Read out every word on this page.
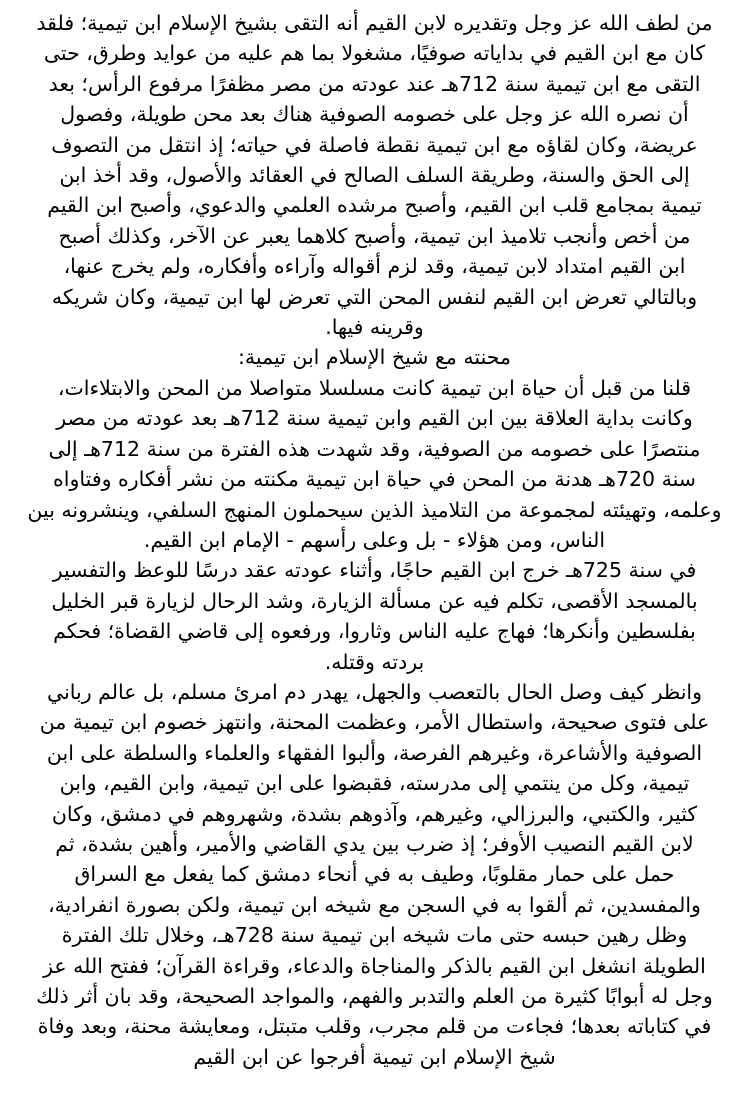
من لطف الله عز وجل وتقديره لابن القيم أنه التقى بشيخ الإسلام ابن تيمية؛ فلقد
كان مع ابن القيم في بداياته صوفيًا، مشغولا بما هم عليه من عوايد وطرق، حتى
التقى مع ابن تيمية سنة 712هـ عند عودته من مصر مظفرًا مرفوع الرأس؛ بعد
أن نصره الله عز وجل على خصومه الصوفية هناك بعد محن طويلة، وفصول
عريضة، وكان لقاؤه مع ابن تيمية نقطة فاصلة في حياته؛ إذ انتقل من التصوف
إلى الحق والسنة، وطريقة السلف الصالح في العقائد والأصول، وقد أخذ ابن
تيمية بمجامع قلب ابن القيم، وأصبح مرشده العلمي والدعوي، وأصبح ابن القيم
من أخص وأنجب تلاميذ ابن تيمية، وأصبح كلاهما يعبر عن الآخر، وكذلك أصبح
ابن القيم امتداد لابن تيمية، وقد لزم أقواله وآراءه وأفكاره، ولم يخرج عنها،
وبالتالي تعرض ابن القيم لنفس المحن التي تعرض لها ابن تيمية، وكان شريكه
وقرينه فيها.

محنته مع شيخ الإسلام ابن تيمية:

قلنا من قبل أن حياة ابن تيمية كانت مسلسلا متواصلا من المحن والابتلاءات،
وكانت بداية العلاقة بين ابن القيم وابن تيمية سنة 712هـ بعد عودته من مصر
منتصرًا على خصومه من الصوفية، وقد شهدت هذه الفترة من سنة 712هـ إلى
سنة 720هـ هدنة من المحن في حياة ابن تيمية مكنته من نشر أفكاره وفتاواه
وعلمه، وتهيئته لمجموعة من التلاميذ الذين سيحملون المنهج السلفي، وينشرونه بين
الناس، ومن هؤلاء - بل وعلى رأسهم - الإمام ابن القيم.

في سنة 725هـ خرج ابن القيم حاجًا، وأثناء عودته عقد درسًا للوعظ والتفسير
بالمسجد الأقصى، تكلم فيه عن مسألة الزيارة، وشد الرحال لزيارة قبر الخليل
بفلسطين وأنكرها؛ فهاج عليه الناس وثاروا، ورفعوه إلى قاضي القضاة؛ فحكم
بردته وقتله.

وانظر كيف وصل الحال بالتعصب والجهل، يهدر دم امرئ مسلم، بل عالم رباني
على فتوى صحيحة، واستطال الأمر، وعظمت المحنة، وانتهز خصوم ابن تيمية من
الصوفية والأشاعرة، وغيرهم الفرصة، وألبوا الفقهاء والعلماء والسلطة على ابن
تيمية، وكل من ينتمي إلى مدرسته، فقبضوا على ابن تيمية، وابن القيم، وابن
كثير، والكتبي، والبرزالي، وغيرهم، وآذوهم بشدة، وشهروهم في دمشق، وكان
لابن القيم النصيب الأوفر؛ إذ ضرب بين يدي القاضي والأمير، وأهين بشدة، ثم
حمل على حمار مقلوبًا، وطيف به في أنحاء دمشق كما يفعل مع السراق
والمفسدين، ثم ألقوا به في السجن مع شيخه ابن تيمية، ولكن بصورة انفرادية،
وظل رهين حبسه حتى مات شيخه ابن تيمية سنة 728هـ، وخلال تلك الفترة
الطويلة انشغل ابن القيم بالذكر والمناجاة والدعاء، وقراءة القرآن؛ ففتح الله عز
وجل له أبوابًا كثيرة من العلم والتدبر والفهم، والمواجد الصحيحة، وقد بان أثر ذلك
في كتاباته بعدها؛ فجاءت من قلم مجرب، وقلب متبتل، ومعايشة محنة، وبعد وفاة
شيخ الإسلام ابن تيمية أفرجوا عن ابن القيم
